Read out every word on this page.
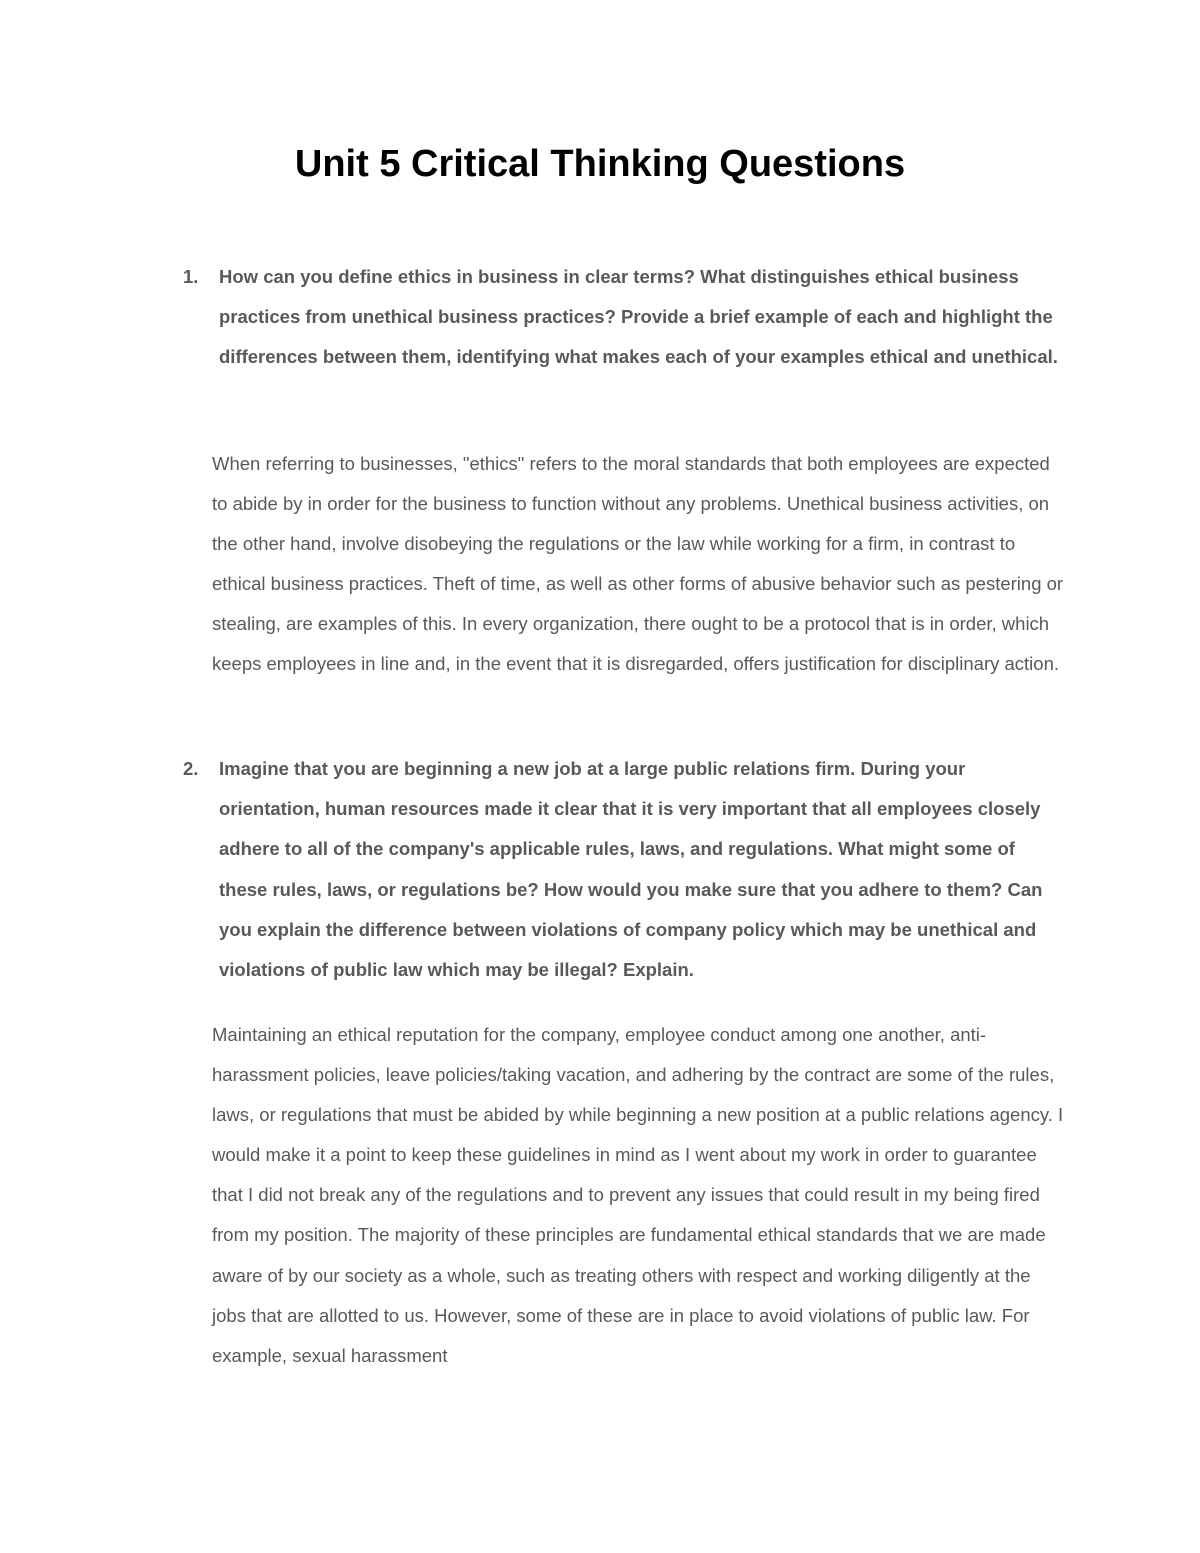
Unit 5 Critical Thinking Questions
1. How can you define ethics in business in clear terms? What distinguishes ethical business practices from unethical business practices? Provide a brief example of each and highlight the differences between them, identifying what makes each of your examples ethical and unethical.

When referring to businesses, "ethics" refers to the moral standards that both employees are expected to abide by in order for the business to function without any problems. Unethical business activities, on the other hand, involve disobeying the regulations or the law while working for a firm, in contrast to ethical business practices. Theft of time, as well as other forms of abusive behavior such as pestering or stealing, are examples of this. In every organization, there ought to be a protocol that is in order, which keeps employees in line and, in the event that it is disregarded, offers justification for disciplinary action.

2. Imagine that you are beginning a new job at a large public relations firm. During your orientation, human resources made it clear that it is very important that all employees closely adhere to all of the company's applicable rules, laws, and regulations. What might some of these rules, laws, or regulations be? How would you make sure that you adhere to them? Can you explain the difference between violations of company policy which may be unethical and violations of public law which may be illegal? Explain.

Maintaining an ethical reputation for the company, employee conduct among one another, anti-harassment policies, leave policies/taking vacation, and adhering by the contract are some of the rules, laws, or regulations that must be abided by while beginning a new position at a public relations agency. I would make it a point to keep these guidelines in mind as I went about my work in order to guarantee that I did not break any of the regulations and to prevent any issues that could result in my being fired from my position. The majority of these principles are fundamental ethical standards that we are made aware of by our society as a whole, such as treating others with respect and working diligently at the jobs that are allotted to us. However, some of these are in place to avoid violations of public law. For example, sexual harassment
